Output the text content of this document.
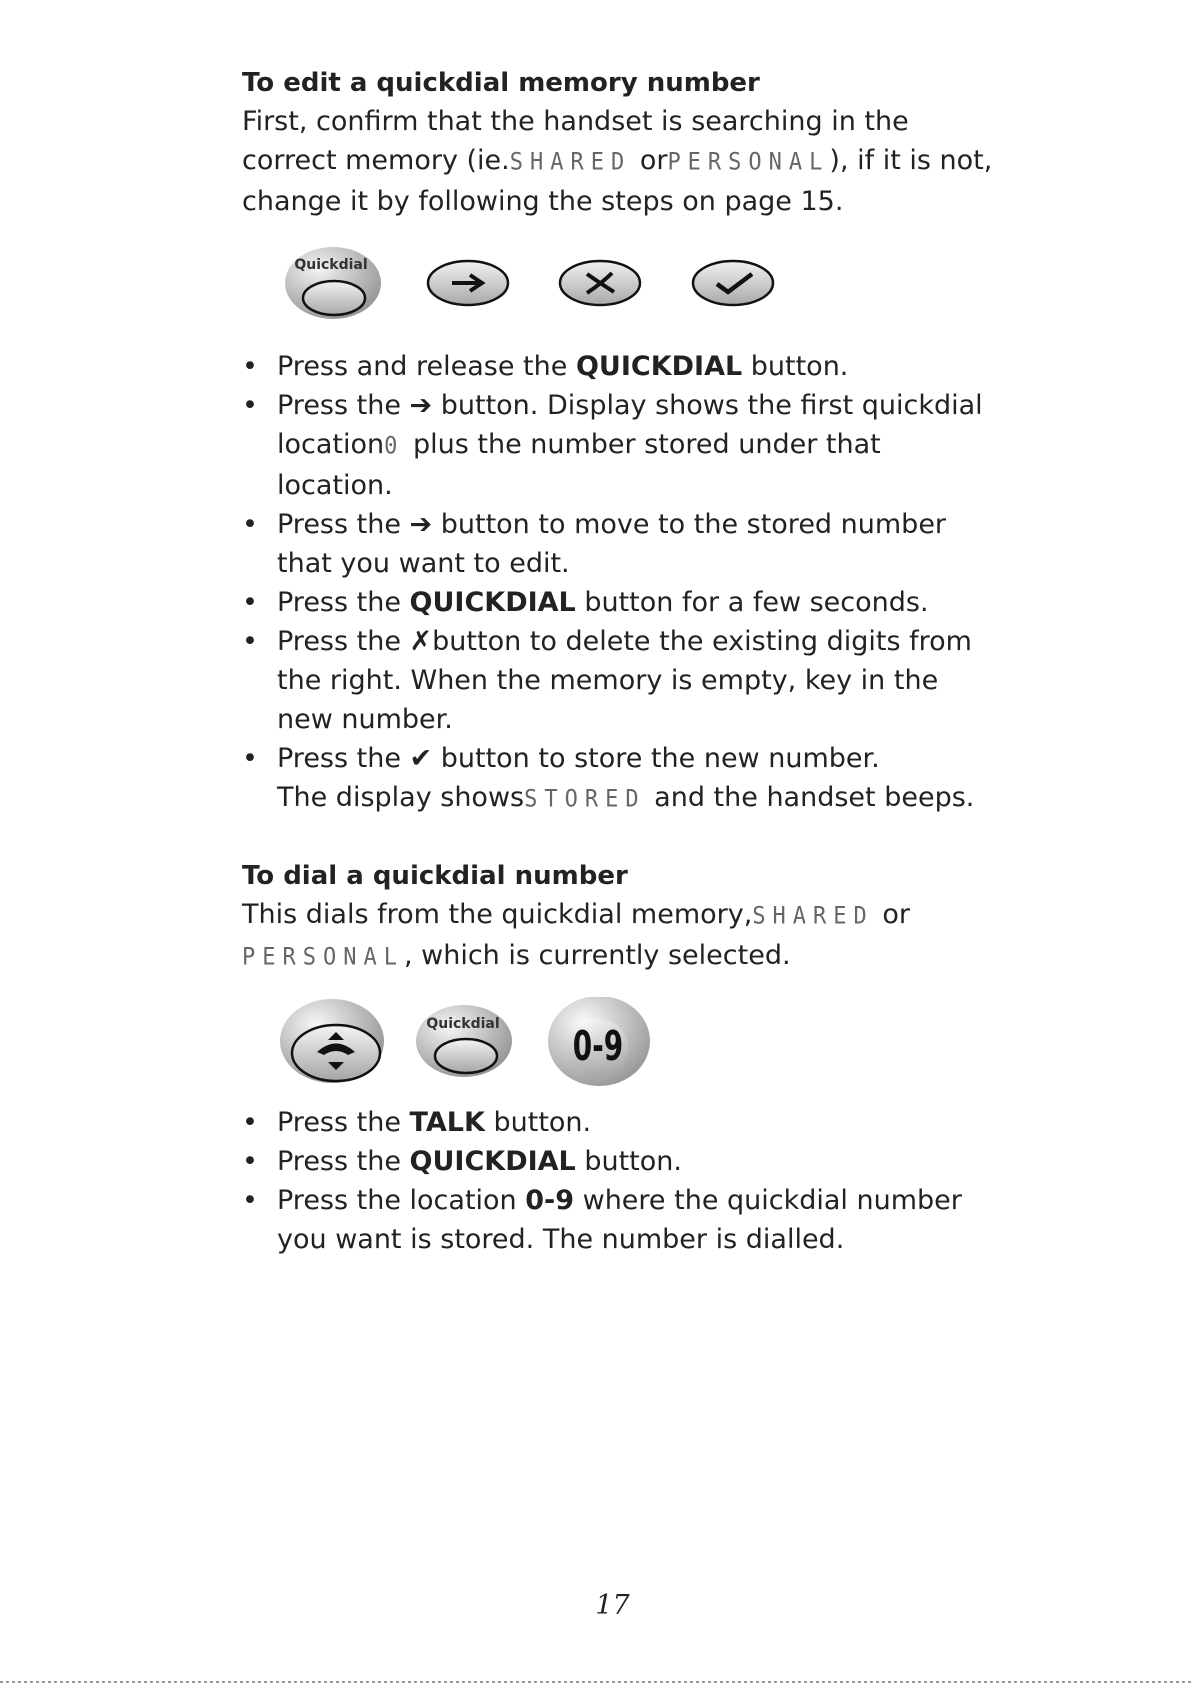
To edit a quickdial memory number

First, confirm that the handset is searching in the correct memory (ie.SHARED orPERSONAL), if it is not, change it by following the steps on page 15.

Quickdial
• Press and release the QUICKDIAL button.
• Press the ➔ button. Display shows the first quickdial location0 plus the number stored under that location.
• Press the ➔ button to move to the stored number that you want to edit.
• Press the QUICKDIAL button for a few seconds.
• Press the ✗button to delete the existing digits from the right. When the memory is empty, key in the new number.
• Press the ✔ button to store the new number.
The display showsSTORED and the handset beeps.
To dial a quickdial number

This dials from the quickdial memory,SHARED or
PERSONAL, which is currently selected.

Quickdial 0-9
• Press the TALK button.
• Press the QUICKDIAL button.
• Press the location 0-9 where the quickdial number you want is stored. The number is dialled.
17
